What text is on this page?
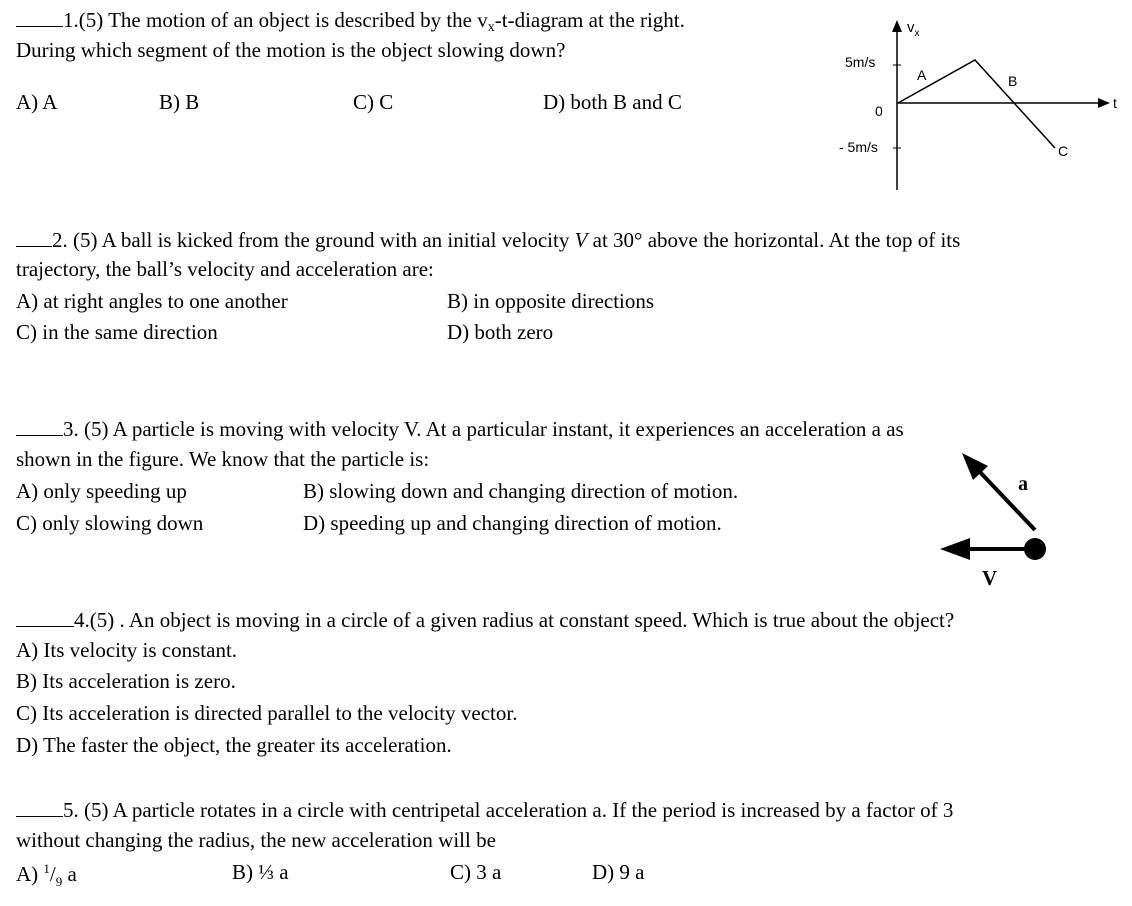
1.(5) The motion of an object is described by the vx-t-diagram at the right.
During which segment of the motion is the object slowing down?
A) A	B) B	C) C	D) both B and C
$v_x$
t
5m/s
0
- 5m/s
A	B
C
2. (5) A ball is kicked from the ground with an initial velocity V at 30° above the horizontal. At the top of its
trajectory, the ball’s velocity and acceleration are:
A) at right angles to one another	B) in opposite directions
C) in the same direction	D) both zero
3. (5) A particle is moving with velocity V. At a particular instant, it experiences an acceleration a as
shown in the figure. We know that the particle is:
A) only speeding up	B) slowing down and changing direction of motion.
C) only slowing down	D) speeding up and changing direction of motion.
a
V
4.(5) . An object is moving in a circle of a given radius at constant speed. Which is true about the object?
A) Its velocity is constant.
B) Its acceleration is zero.
C) Its acceleration is directed parallel to the velocity vector.
D) The faster the object, the greater its acceleration.
5. (5) A particle rotates in a circle with centripetal acceleration a. If the period is increased by a factor of 3
without changing the radius, the new acceleration will be
A) $^1/_9$ a	B) ⅓ a	C) 3 a	D) 9 a
